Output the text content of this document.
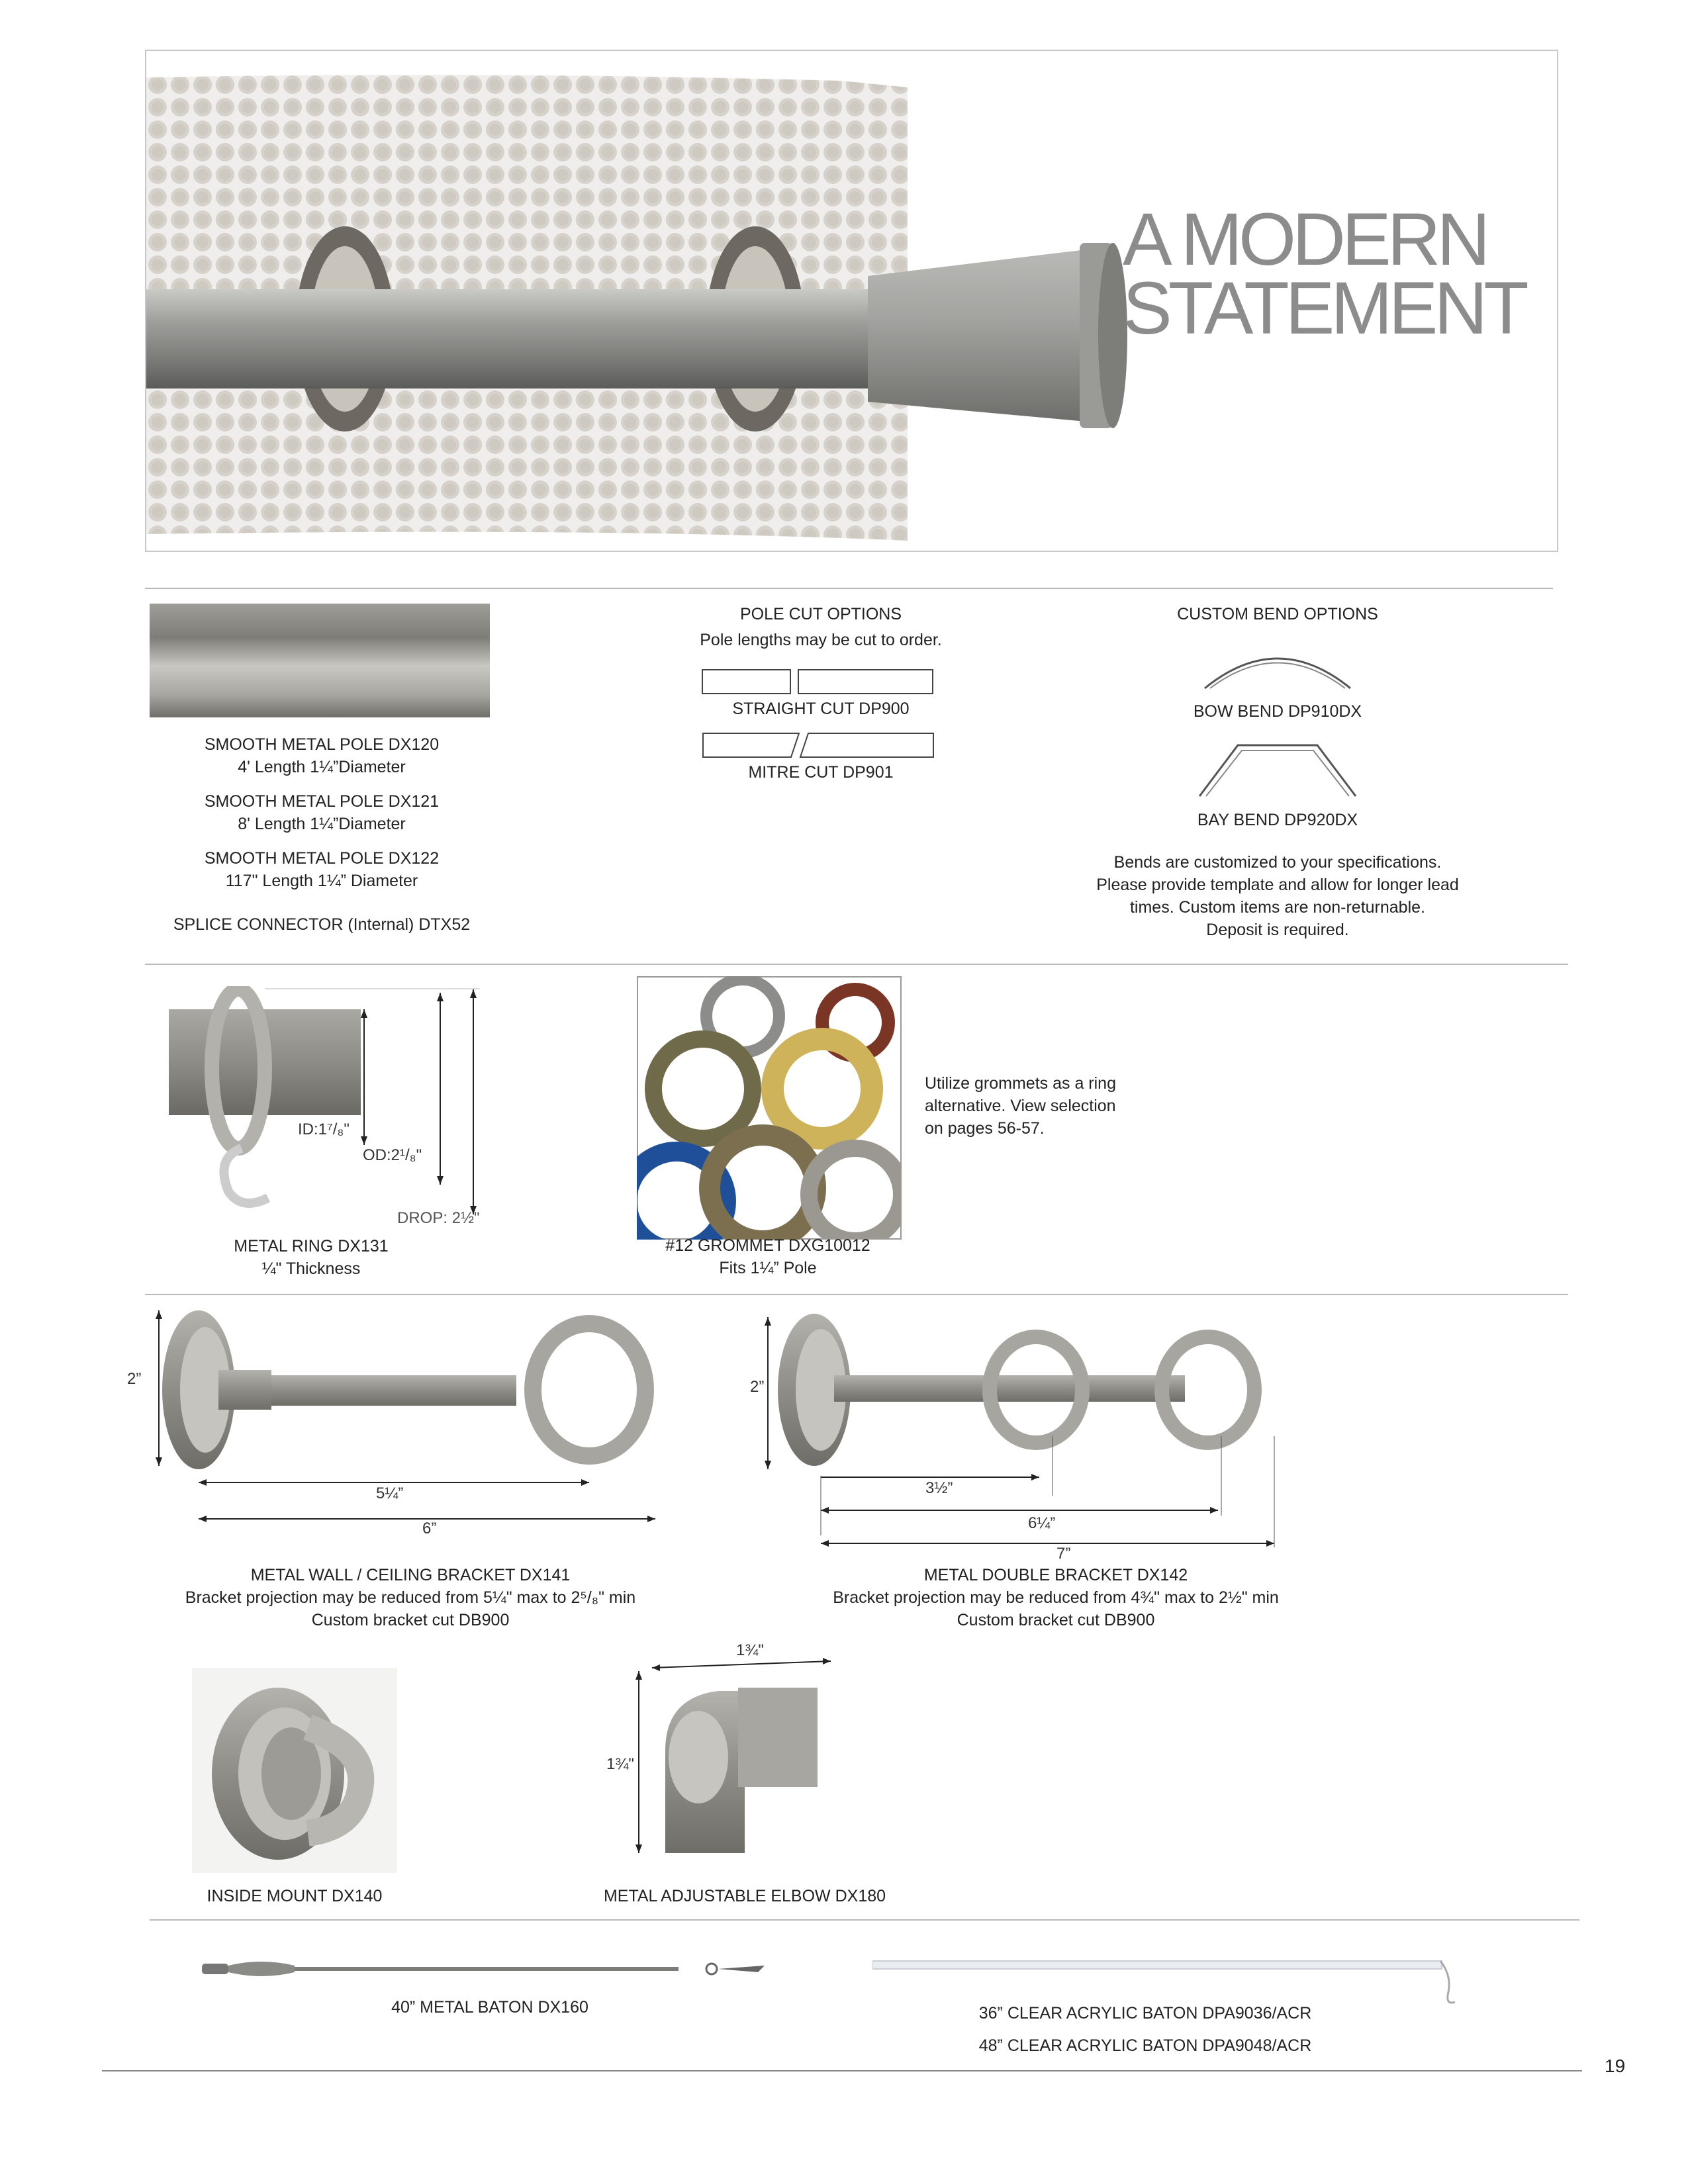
A MODERN
STATEMENT
SMOOTH METAL POLE DX120
4' Length 1¼”Diameter
SMOOTH METAL POLE DX121
8' Length 1¼”Diameter
SMOOTH METAL POLE DX122
117" Length 1¼” Diameter
SPLICE CONNECTOR (Internal) DTX52
POLE CUT OPTIONS
Pole lengths may be cut to order.
STRAIGHT CUT DP900
MITRE CUT DP901
CUSTOM BEND OPTIONS
BOW BEND DP910DX
BAY BEND DP920DX
Bends are customized to your specifications.
Please provide template and allow for longer lead
times. Custom items are non-returnable.
Deposit is required.
ID:1⁷/₈"
OD:2¹/₈"
DROP: 2½"
METAL RING DX131
¼" Thickness
Utilize grommets as a ring
alternative. View selection
on pages 56-57.
#12 GROMMET DXG10012
Fits 1¼” Pole
2”
5¼”
6”
METAL WALL / CEILING BRACKET DX141
Bracket projection may be reduced from 5¼" max to 2⁵/₈" min
Custom bracket cut DB900
2”
3½”
6¼”
7”
METAL DOUBLE BRACKET DX142
Bracket projection may be reduced from 4¾" max to 2½" min
Custom bracket cut DB900
INSIDE MOUNT DX140
1¾"
1¾"
METAL ADJUSTABLE ELBOW DX180
40” METAL BATON DX160	36” CLEAR ACRYLIC BATON DPA9036/ACR
48” CLEAR ACRYLIC BATON DPA9048/ACR
19
